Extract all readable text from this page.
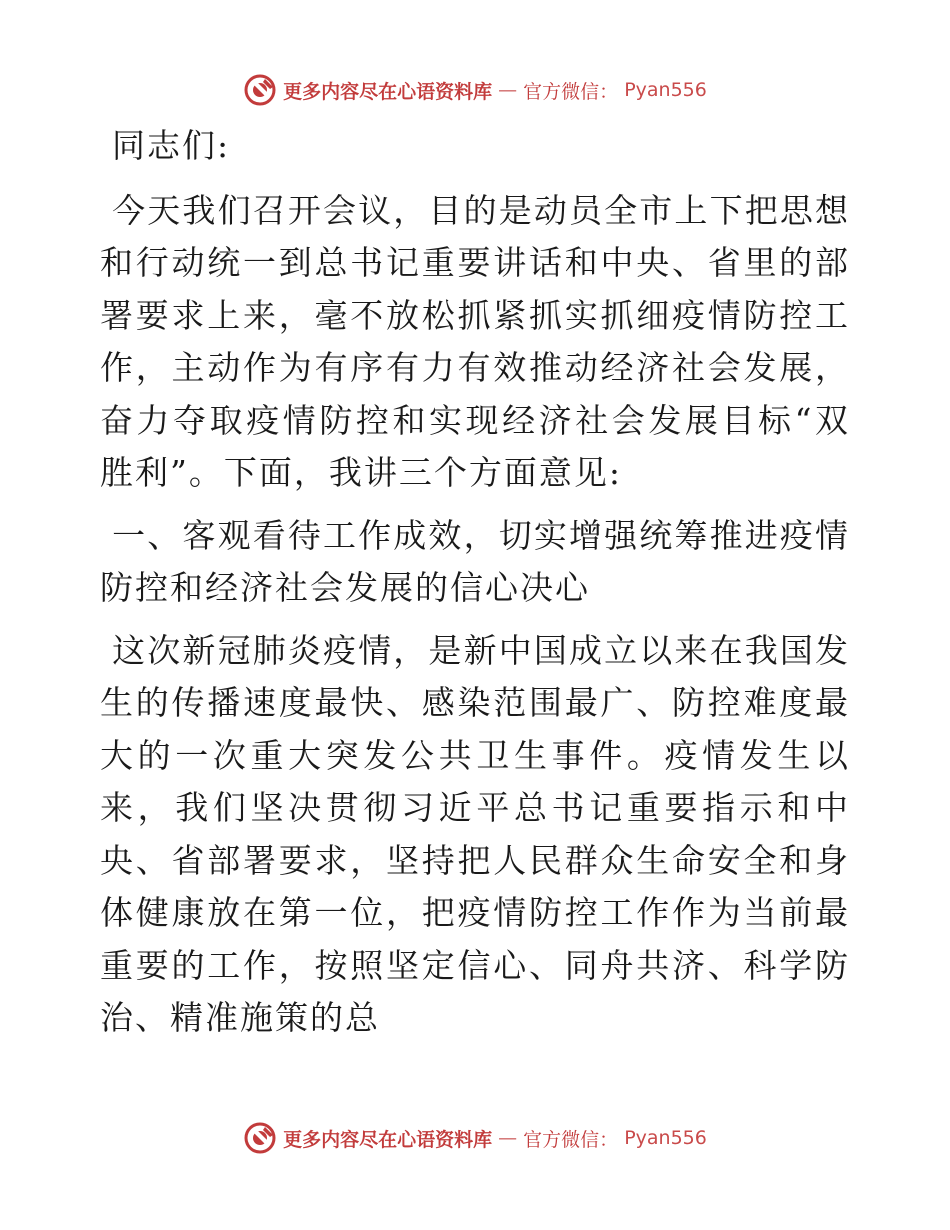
更多内容尽在心语资料库 — 官方微信： Pyan556

同志们:

今天我们召开会议，目的是动员全市上下把思想和行动统一到总书记重要讲话和中央、省里的部署要求上来，毫不放松抓紧抓实抓细疫情防控工作，主动作为有序有力有效推动经济社会发展，奋力夺取疫情防控和实现经济社会发展目标“双胜利”。下面，我讲三个方面意见:

一、客观看待工作成效，切实增强统筹推进疫情防控和经济社会发展的信心决心

这次新冠肺炎疫情，是新中国成立以来在我国发生的传播速度最快、感染范围最广、防控难度最大的一次重大突发公共卫生事件。疫情发生以来，我们坚决贯彻习近平总书记重要指示和中央、省部署要求，坚持把人民群众生命安全和身体健康放在第一位，把疫情防控工作作为当前最重要的工作，按照坚定信心、同舟共济、科学防治、精准施策的总

更多内容尽在心语资料库 — 官方微信： Pyan556
